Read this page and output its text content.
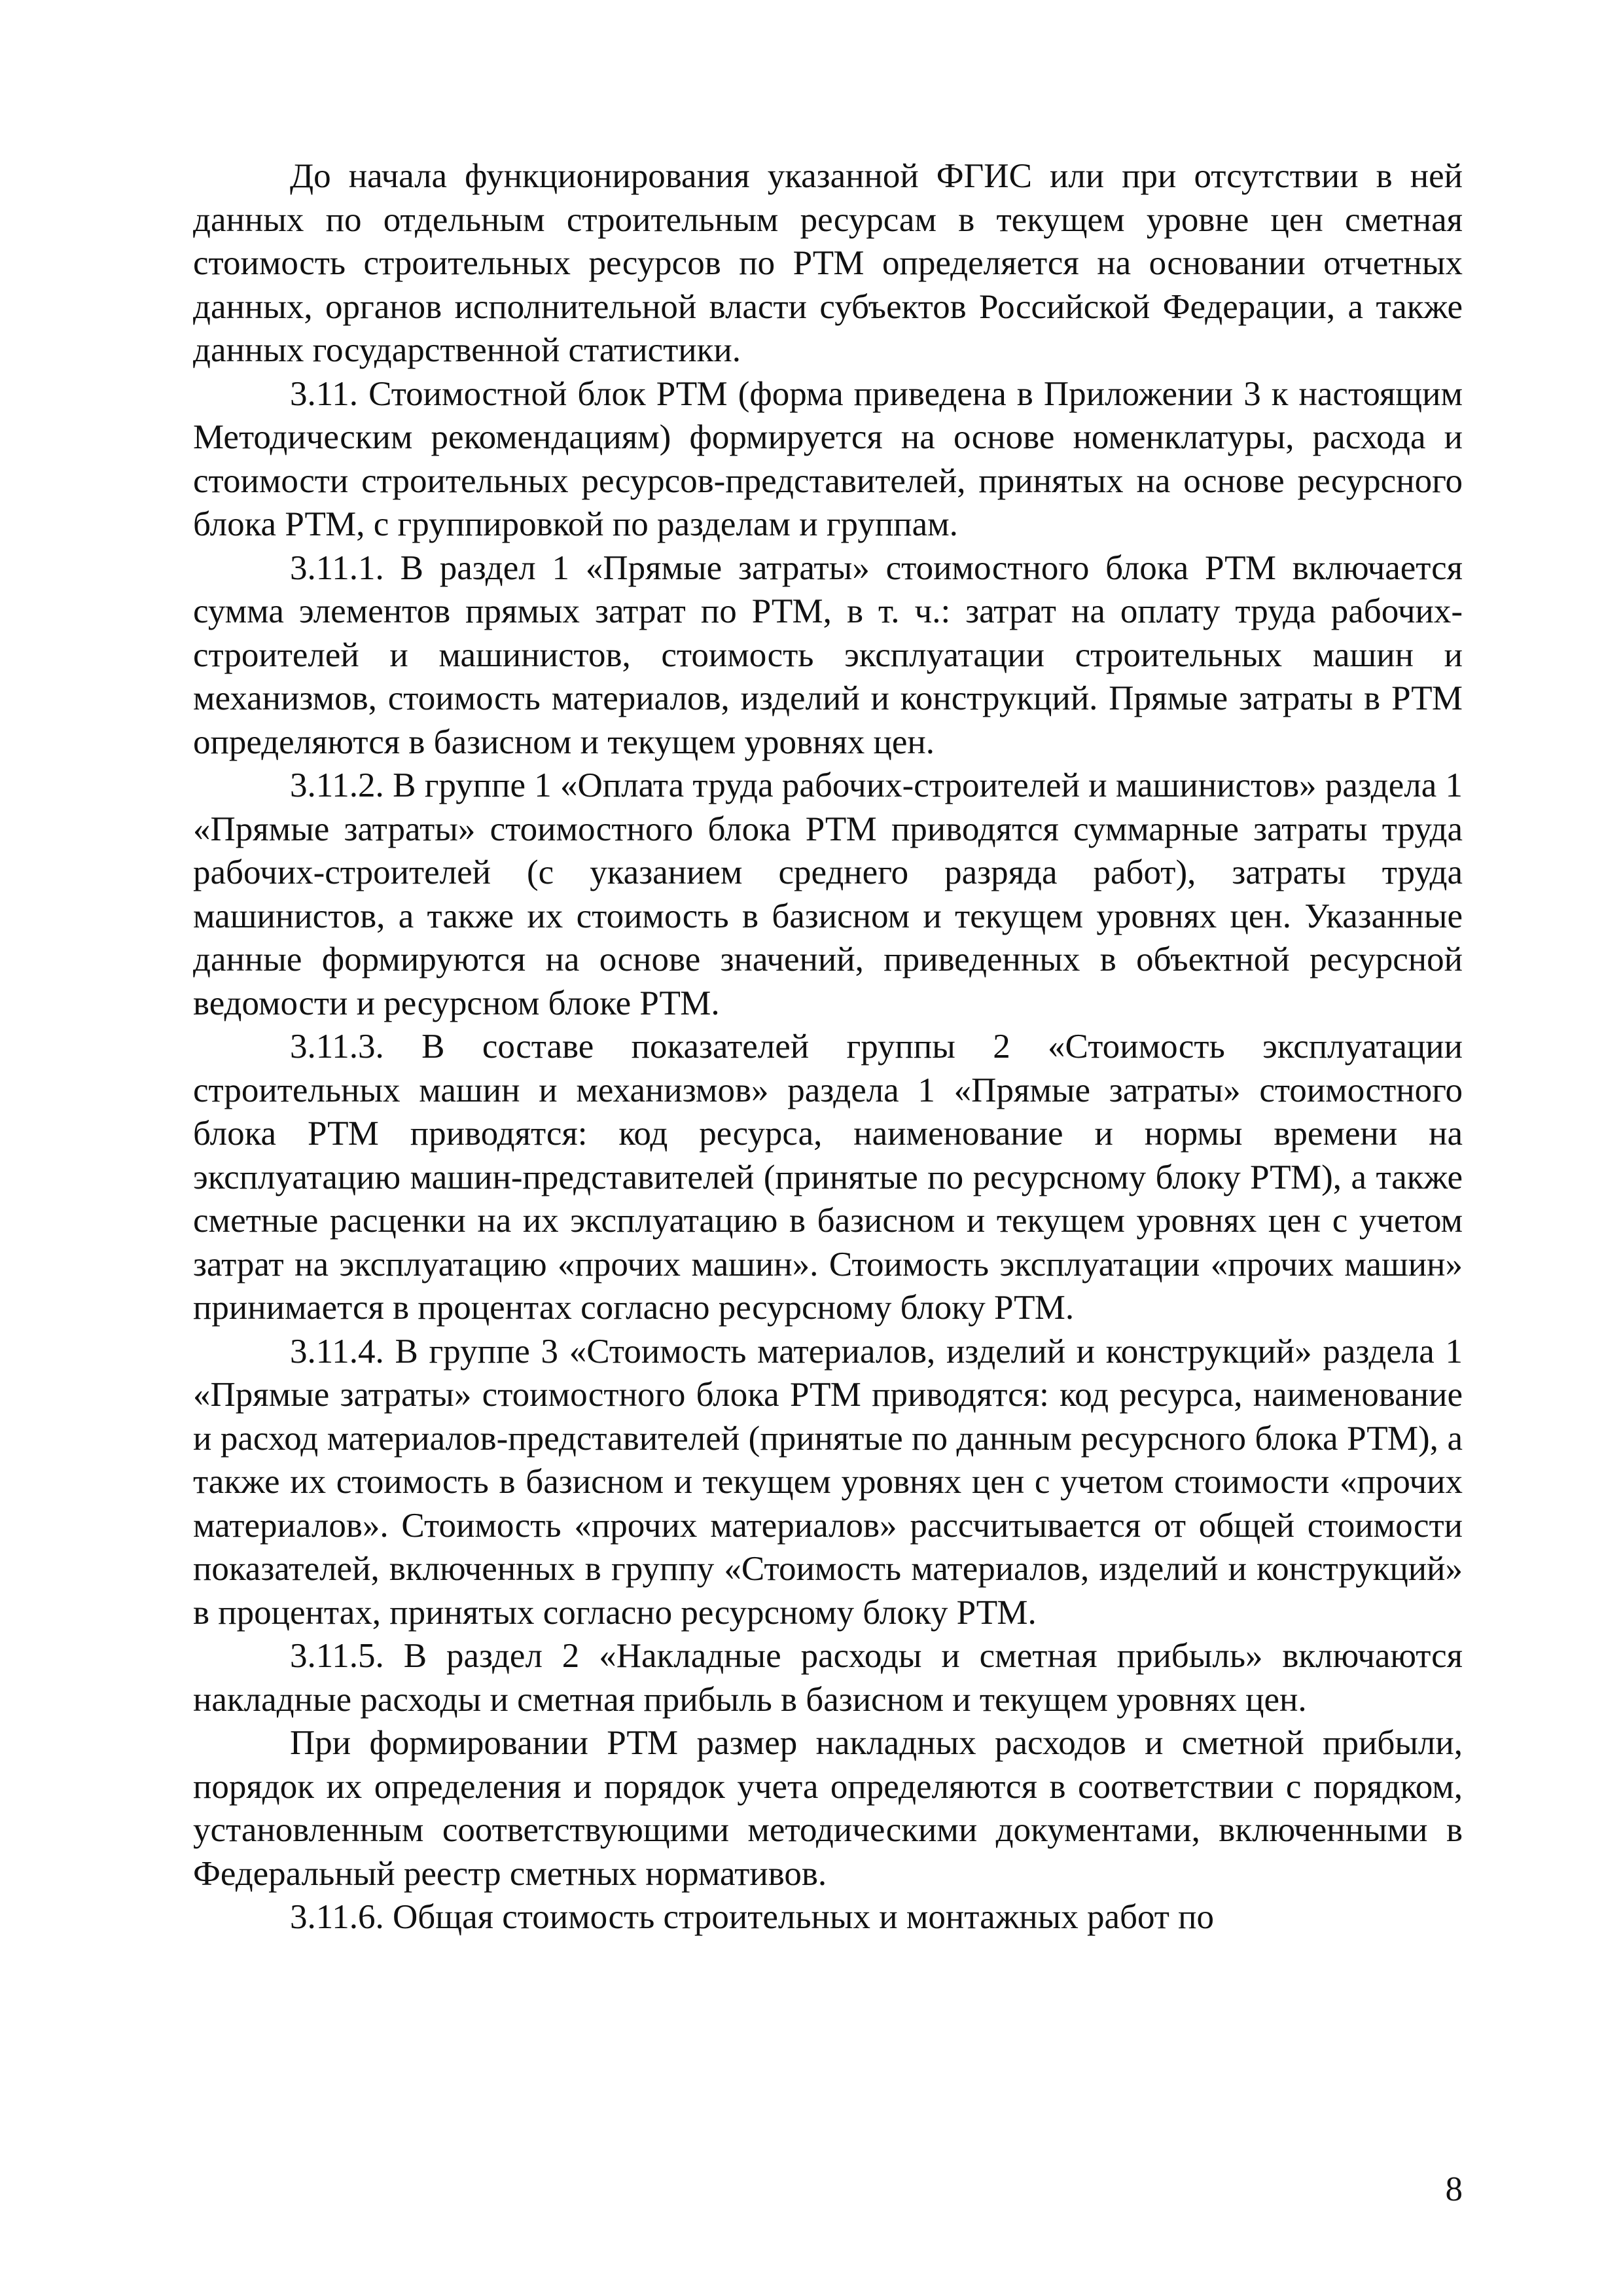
До начала функционирования указанной ФГИС или при отсутствии в ней данных по отдельным строительным ресурсам в текущем уровне цен сметная стоимость строительных ресурсов по РТМ определяется на основании отчетных данных, органов исполнительной власти субъектов Российской Федерации, а также данных государственной статистики.

3.11. Стоимостной блок РТМ (форма приведена в Приложении 3 к настоящим Методическим рекомендациям) формируется на основе номенклатуры, расхода и стоимости строительных ресурсов-представителей, принятых на основе ресурсного блока РТМ, с группировкой по разделам и группам.

3.11.1. В раздел 1 «Прямые затраты» стоимостного блока РТМ включается сумма элементов прямых затрат по РТМ, в т. ч.: затрат на оплату труда рабочих-строителей и машинистов, стоимость эксплуатации строительных машин и механизмов, стоимость материалов, изделий и конструкций. Прямые затраты в РТМ определяются в базисном и текущем уровнях цен.

3.11.2. В группе 1 «Оплата труда рабочих-строителей и машинистов» раздела 1 «Прямые затраты» стоимостного блока РТМ приводятся суммарные затраты труда рабочих-строителей (с указанием среднего разряда работ), затраты труда машинистов, а также их стоимость в базисном и текущем уровнях цен. Указанные данные формируются на основе значений, приведенных в объектной ресурсной ведомости и ресурсном блоке РТМ.

3.11.3. В составе показателей группы 2 «Стоимость эксплуатации строительных машин и механизмов» раздела 1 «Прямые затраты» стоимостного блока РТМ приводятся: код ресурса, наименование и нормы времени на эксплуатацию машин-представителей (принятые по ресурсному блоку РТМ), а также сметные расценки на их эксплуатацию в базисном и текущем уровнях цен с учетом затрат на эксплуатацию «прочих машин». Стоимость эксплуатации «прочих машин» принимается в процентах согласно ресурсному блоку РТМ.

3.11.4. В группе 3 «Стоимость материалов, изделий и конструкций» раздела 1 «Прямые затраты» стоимостного блока РТМ приводятся: код ресурса, наименование и расход материалов-представителей (принятые по данным ресурсного блока РТМ), а также их стоимость в базисном и текущем уровнях цен с учетом стоимости «прочих материалов». Стоимость «прочих материалов» рассчитывается от общей стоимости показателей, включенных в группу «Стоимость материалов, изделий и конструкций» в процентах, принятых согласно ресурсному блоку РТМ.

3.11.5. В раздел 2 «Накладные расходы и сметная прибыль» включаются накладные расходы и сметная прибыль в базисном и текущем уровнях цен.

При формировании РТМ размер накладных расходов и сметной прибыли, порядок их определения и порядок учета определяются в соответствии с порядком, установленным соответствующими методическими документами, включенными в Федеральный реестр сметных нормативов.

3.11.6. Общая стоимость строительных и монтажных работ по

8
